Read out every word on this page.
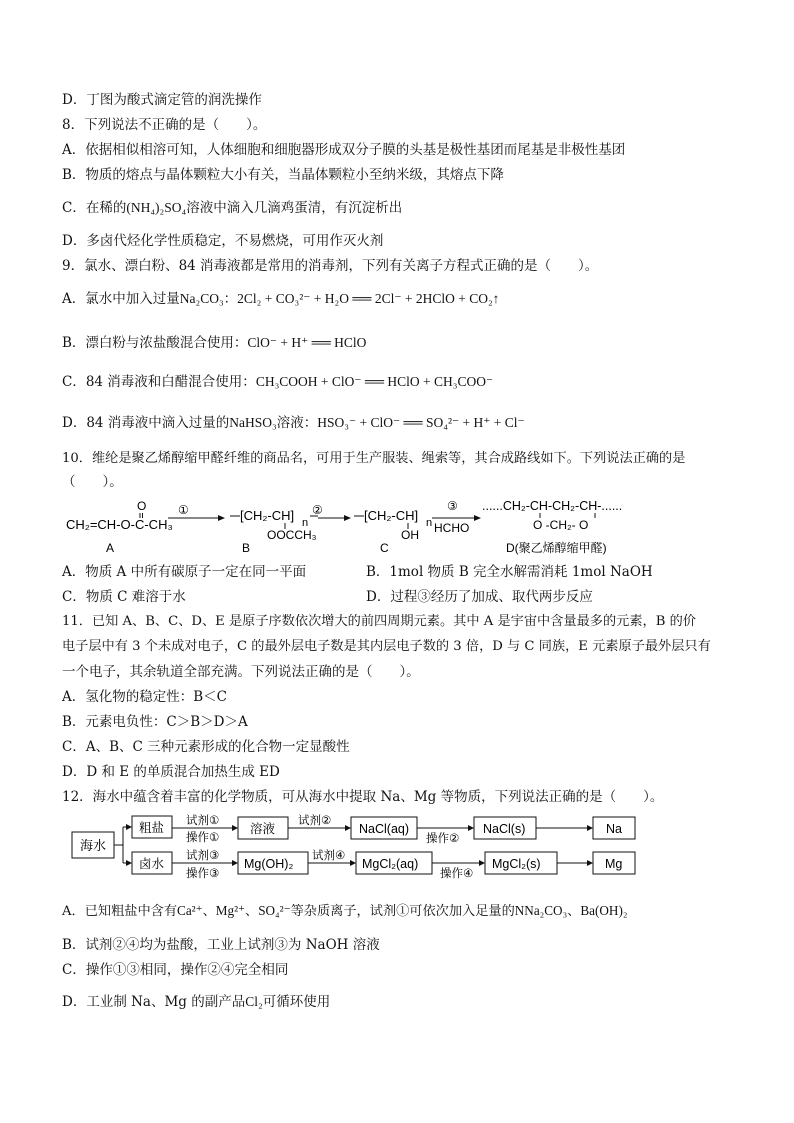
D．丁图为酸式滴定管的润洗操作
8．下列说法不正确的是（　　）。
A．依据相似相溶可知，人体细胞和细胞器形成双分子膜的头基是极性基团而尾基是非极性基团
B．物质的熔点与晶体颗粒大小有关，当晶体颗粒小至纳米级，其熔点下降
C．在稀的(NH₄)₂SO₄溶液中滴入几滴鸡蛋清，有沉淀析出
D．多卤代烃化学性质稳定，不易燃烧，可用作灭火剂
9．氯水、漂白粉、84 消毒液都是常用的消毒剂，下列有关离子方程式正确的是（　　）。
A．氯水中加入过量Na₂CO₃：2Cl₂ + CO₃²⁻ + H₂O ══ 2Cl⁻ + 2HClO + CO₂↑
B．漂白粉与浓盐酸混合使用：ClO⁻ + H⁺ ══ HClO
C．84 消毒液和白醋混合使用：CH₃COOH + ClO⁻ ══ HClO + CH₃COO⁻
D．84 消毒液中滴入过量的NaHSO₃溶液：HSO₃⁻ + ClO⁻ ══ SO₄²⁻ + H⁺ + Cl⁻
10．维纶是聚乙烯醇缩甲醛纤维的商品名，可用于生产服装、绳索等，其合成路线如下。下列说法正确的是
（　　）。
O
CH₂=CH-O-C-CH₃
A
①	[CH₂-CH] n
OOCCH₃
B
②	[CH₂-CH] n
OH
C
③
HCHO
......CH₂-CH-CH₂-CH-......
O -CH₂- O
D(聚乙烯醇缩甲醛)
A．物质 A 中所有碳原子一定在同一平面	B．1mol 物质 B 完全水解需消耗 1mol NaOH
C．物质 C 难溶于水	D．过程③经历了加成、取代两步反应
11．已知 A、B、C、D、E 是原子序数依次增大的前四周期元素。其中 A 是宇宙中含量最多的元素，B 的价
电子层中有 3 个未成对电子，C 的最外层电子数是其内层电子数的 3 倍，D 与 C 同族，E 元素原子最外层只有
一个电子，其余轨道全部充满。下列说法正确的是（　　）。
A．氢化物的稳定性：B＜C
B．元素电负性：C＞B＞D＞A
C．A、B、C 三种元素形成的化合物一定显酸性
D．D 和 E 的单质混合加热生成 ED
12．海水中蕴含着丰富的化学物质，可从海水中提取 Na、Mg 等物质，下列说法正确的是（　　）。
海水
粗盐
卤水
溶液	NaCl(aq)	NaCl(s)	Na
Mg(OH)₂	MgCl₂(aq)	MgCl₂(s)	Mg
试剂①
操作①
试剂②
操作②
试剂③
操作③
试剂④
操作④
A．已知粗盐中含有Ca²⁺、Mg²⁺、SO₄²⁻等杂质离子，试剂①可依次加入足量的NNa₂CO₃、Ba(OH)₂
B．试剂②④均为盐酸，工业上试剂③为 NaOH 溶液
C．操作①③相同，操作②④完全相同
D．工业制 Na、Mg 的副产品Cl₂可循环使用
